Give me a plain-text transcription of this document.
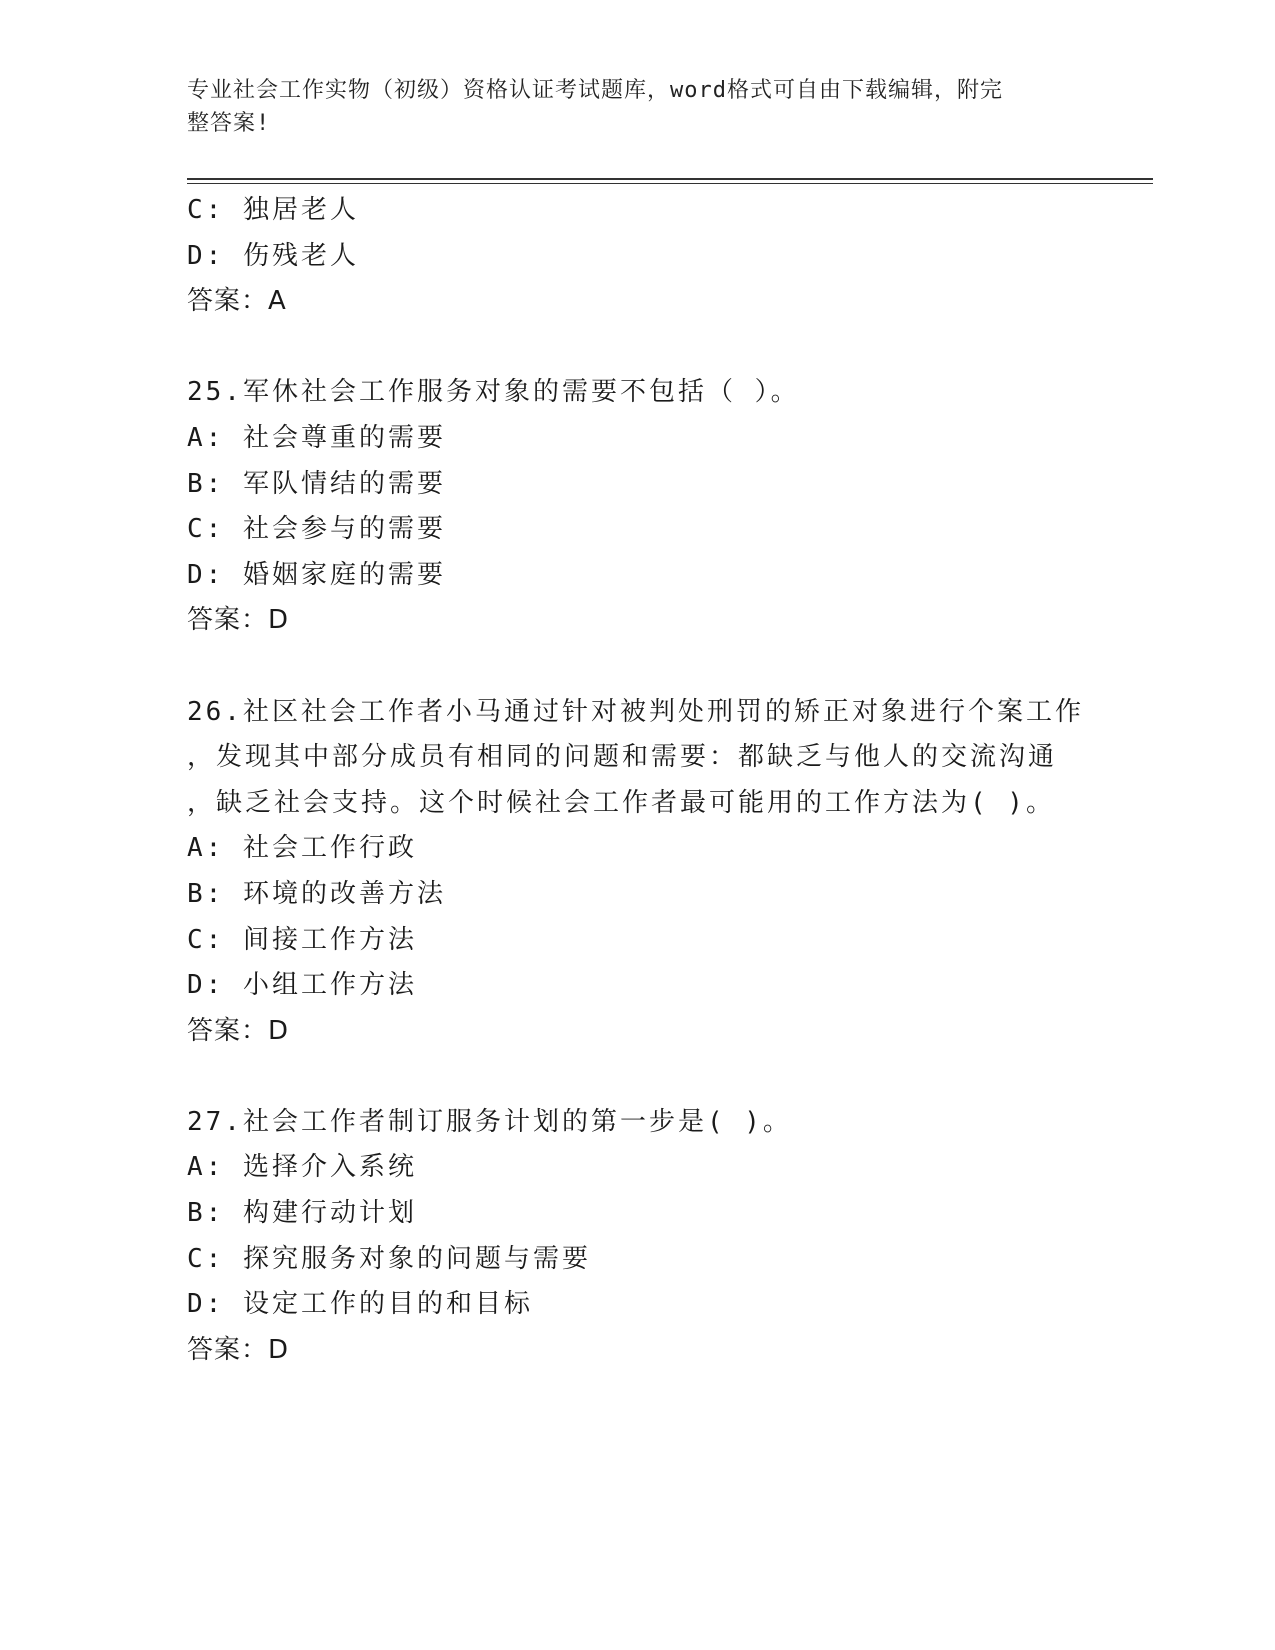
专业社会工作实物（初级）资格认证考试题库，word格式可自由下载编辑，附完
整答案!
C: 独居老人
D: 伤残老人
答案：A
25.军休社会工作服务对象的需要不包括（ ）。
A: 社会尊重的需要
B: 军队情结的需要
C: 社会参与的需要
D: 婚姻家庭的需要
答案：D
26.社区社会工作者小马通过针对被判处刑罚的矫正对象进行个案工作
，发现其中部分成员有相同的问题和需要：都缺乏与他人的交流沟通
，缺乏社会支持。这个时候社会工作者最可能用的工作方法为( )。
A: 社会工作行政
B: 环境的改善方法
C: 间接工作方法
D: 小组工作方法
答案：D
27.社会工作者制订服务计划的第一步是( )。
A: 选择介入系统
B: 构建行动计划
C: 探究服务对象的问题与需要
D: 设定工作的目的和目标
答案：D
